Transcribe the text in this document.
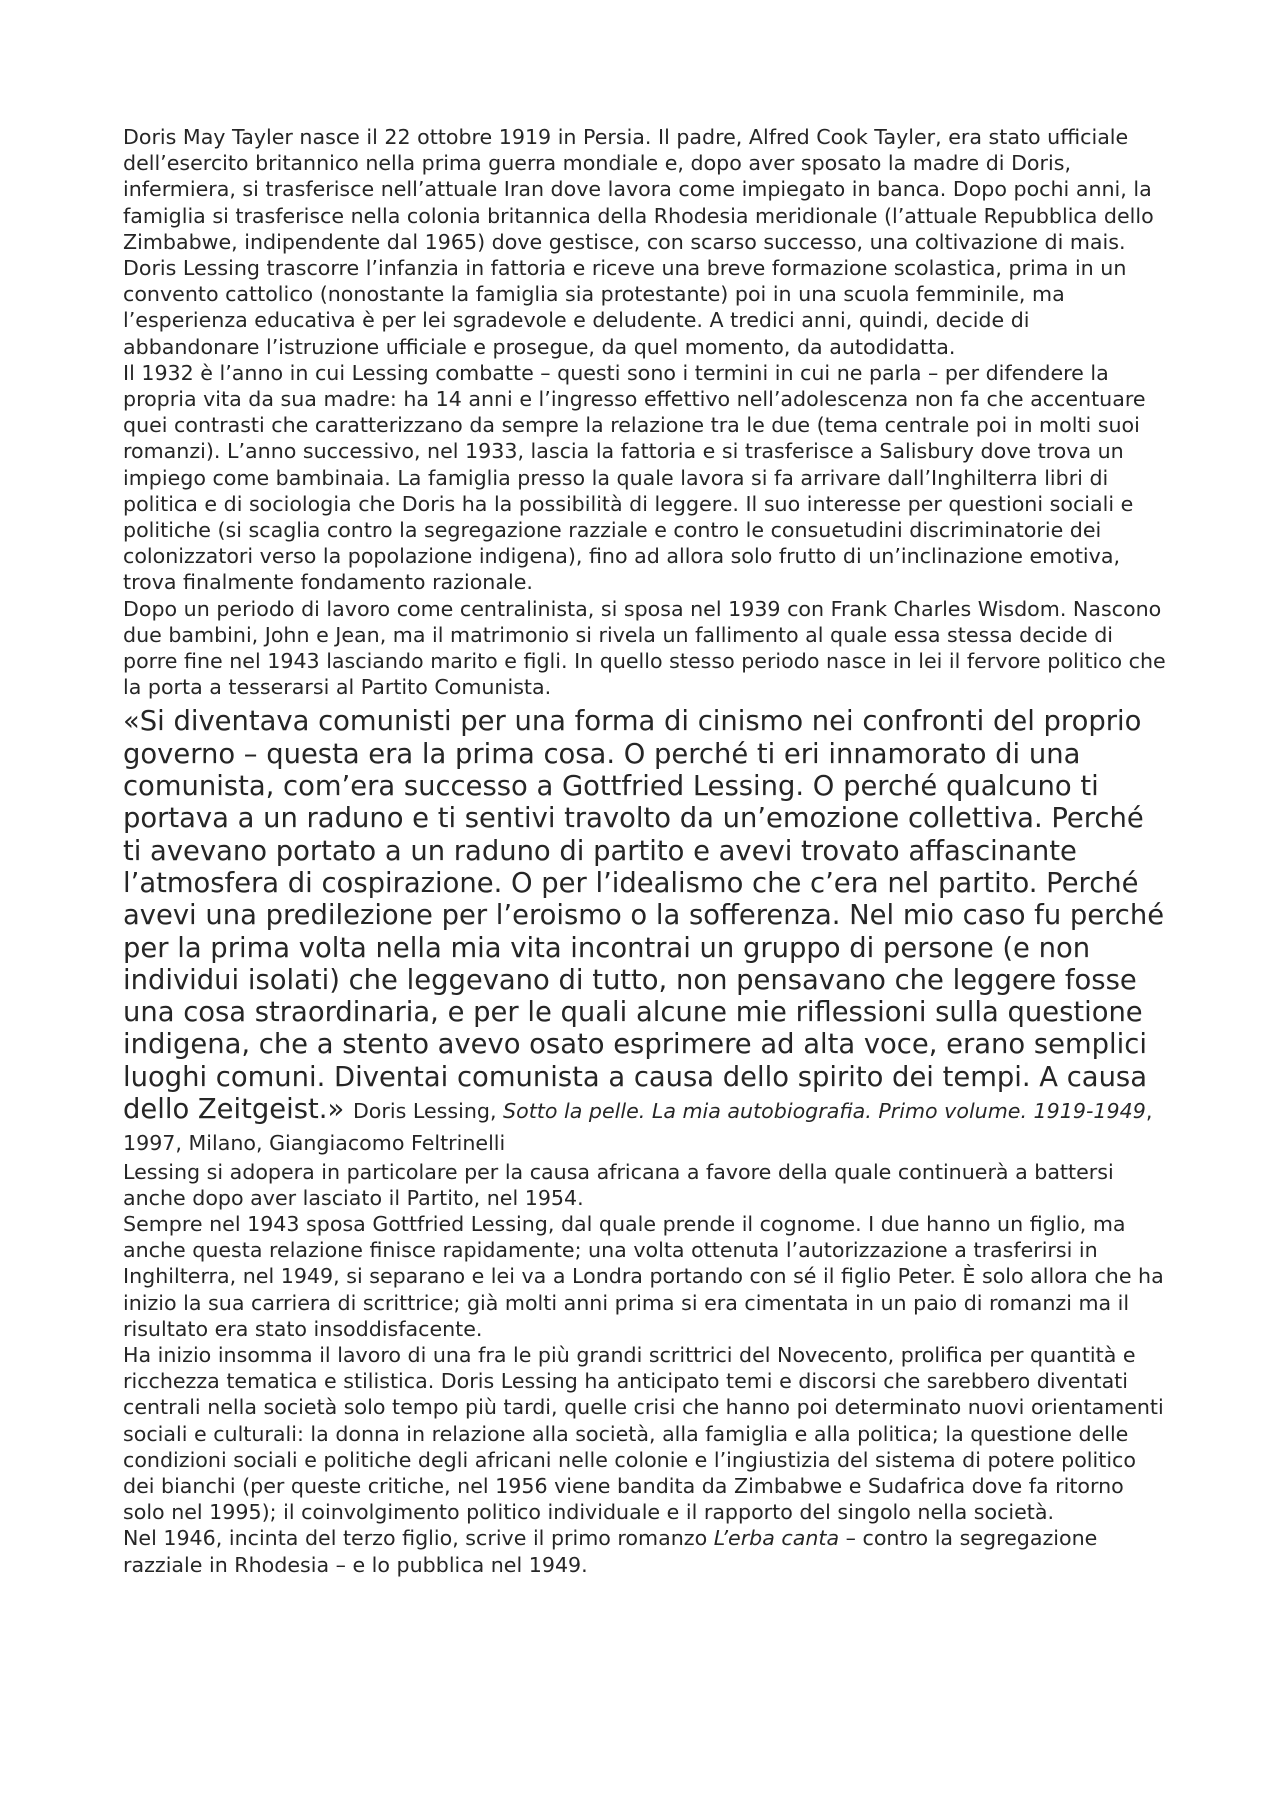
Doris May Tayler nasce il 22 ottobre 1919 in Persia. Il padre, Alfred Cook Tayler, era stato ufficiale dell’esercito britannico nella prima guerra mondiale e, dopo aver sposato la madre di Doris, infermiera, si trasferisce nell’attuale Iran dove lavora come impiegato in banca. Dopo pochi anni, la famiglia si trasferisce nella colonia britannica della Rhodesia meridionale (l’attuale Repubblica dello Zimbabwe, indipendente dal 1965) dove gestisce, con scarso successo, una coltivazione di mais. Doris Lessing trascorre l’infanzia in fattoria e riceve una breve formazione scolastica, prima in un convento cattolico (nonostante la famiglia sia protestante) poi in una scuola femminile, ma l’esperienza educativa è per lei sgradevole e deludente. A tredici anni, quindi, decide di abbandonare l’istruzione ufficiale e prosegue, da quel momento, da autodidatta.

Il 1932 è l’anno in cui Lessing combatte – questi sono i termini in cui ne parla – per difendere la propria vita da sua madre: ha 14 anni e l’ingresso effettivo nell’adolescenza non fa che accentuare quei contrasti che caratterizzano da sempre la relazione tra le due (tema centrale poi in molti suoi romanzi). L’anno successivo, nel 1933, lascia la fattoria e si trasferisce a Salisbury dove trova un impiego come bambinaia. La famiglia presso la quale lavora si fa arrivare dall’Inghilterra libri di politica e di sociologia che Doris ha la possibilità di leggere. Il suo interesse per questioni sociali e politiche (si scaglia contro la segregazione razziale e contro le consuetudini discriminatorie dei colonizzatori verso la popolazione indigena), fino ad allora solo frutto di un’inclinazione emotiva, trova finalmente fondamento razionale.

Dopo un periodo di lavoro come centralinista, si sposa nel 1939 con Frank Charles Wisdom. Nascono due bambini, John e Jean, ma il matrimonio si rivela un fallimento al quale essa stessa decide di porre fine nel 1943 lasciando marito e figli. In quello stesso periodo nasce in lei il fervore politico che la porta a tesserarsi al Partito Comunista.

«Si diventava comunisti per una forma di cinismo nei confronti del proprio governo – questa era la prima cosa. O perché ti eri innamorato di una comunista, com’era successo a Gottfried Lessing. O perché qualcuno ti portava a un raduno e ti sentivi travolto da un’emozione collettiva. Perché ti avevano portato a un raduno di partito e avevi trovato affascinante l’atmosfera di cospirazione. O per l’idealismo che c’era nel partito. Perché avevi una predilezione per l’eroismo o la sofferenza. Nel mio caso fu perché per la prima volta nella mia vita incontrai un gruppo di persone (e non individui isolati) che leggevano di tutto, non pensavano che leggere fosse una cosa straordinaria, e per le quali alcune mie riflessioni sulla questione indigena, che a stento avevo osato esprimere ad alta voce, erano semplici luoghi comuni. Diventai comunista a causa dello spirito dei tempi. A causa dello Zeitgeist.» Doris Lessing, Sotto la pelle. La mia autobiografia. Primo volume. 1919-1949, 1997, Milano, Giangiacomo Feltrinelli

Lessing si adopera in particolare per la causa africana a favore della quale continuerà a battersi anche dopo aver lasciato il Partito, nel 1954.

Sempre nel 1943 sposa Gottfried Lessing, dal quale prende il cognome. I due hanno un figlio, ma anche questa relazione finisce rapidamente; una volta ottenuta l’autorizzazione a trasferirsi in Inghilterra, nel 1949, si separano e lei va a Londra portando con sé il figlio Peter. È solo allora che ha inizio la sua carriera di scrittrice; già molti anni prima si era cimentata in un paio di romanzi ma il risultato era stato insoddisfacente.

Ha inizio insomma il lavoro di una fra le più grandi scrittrici del Novecento, prolifica per quantità e ricchezza tematica e stilistica. Doris Lessing ha anticipato temi e discorsi che sarebbero diventati centrali nella società solo tempo più tardi, quelle crisi che hanno poi determinato nuovi orientamenti sociali e culturali: la donna in relazione alla società, alla famiglia e alla politica; la questione delle condizioni sociali e politiche degli africani nelle colonie e l’ingiustizia del sistema di potere politico dei bianchi (per queste critiche, nel 1956 viene bandita da Zimbabwe e Sudafrica dove fa ritorno solo nel 1995); il coinvolgimento politico individuale e il rapporto del singolo nella società.

Nel 1946, incinta del terzo figlio, scrive il primo romanzo L’erba canta – contro la segregazione razziale in Rhodesia – e lo pubblica nel 1949.
